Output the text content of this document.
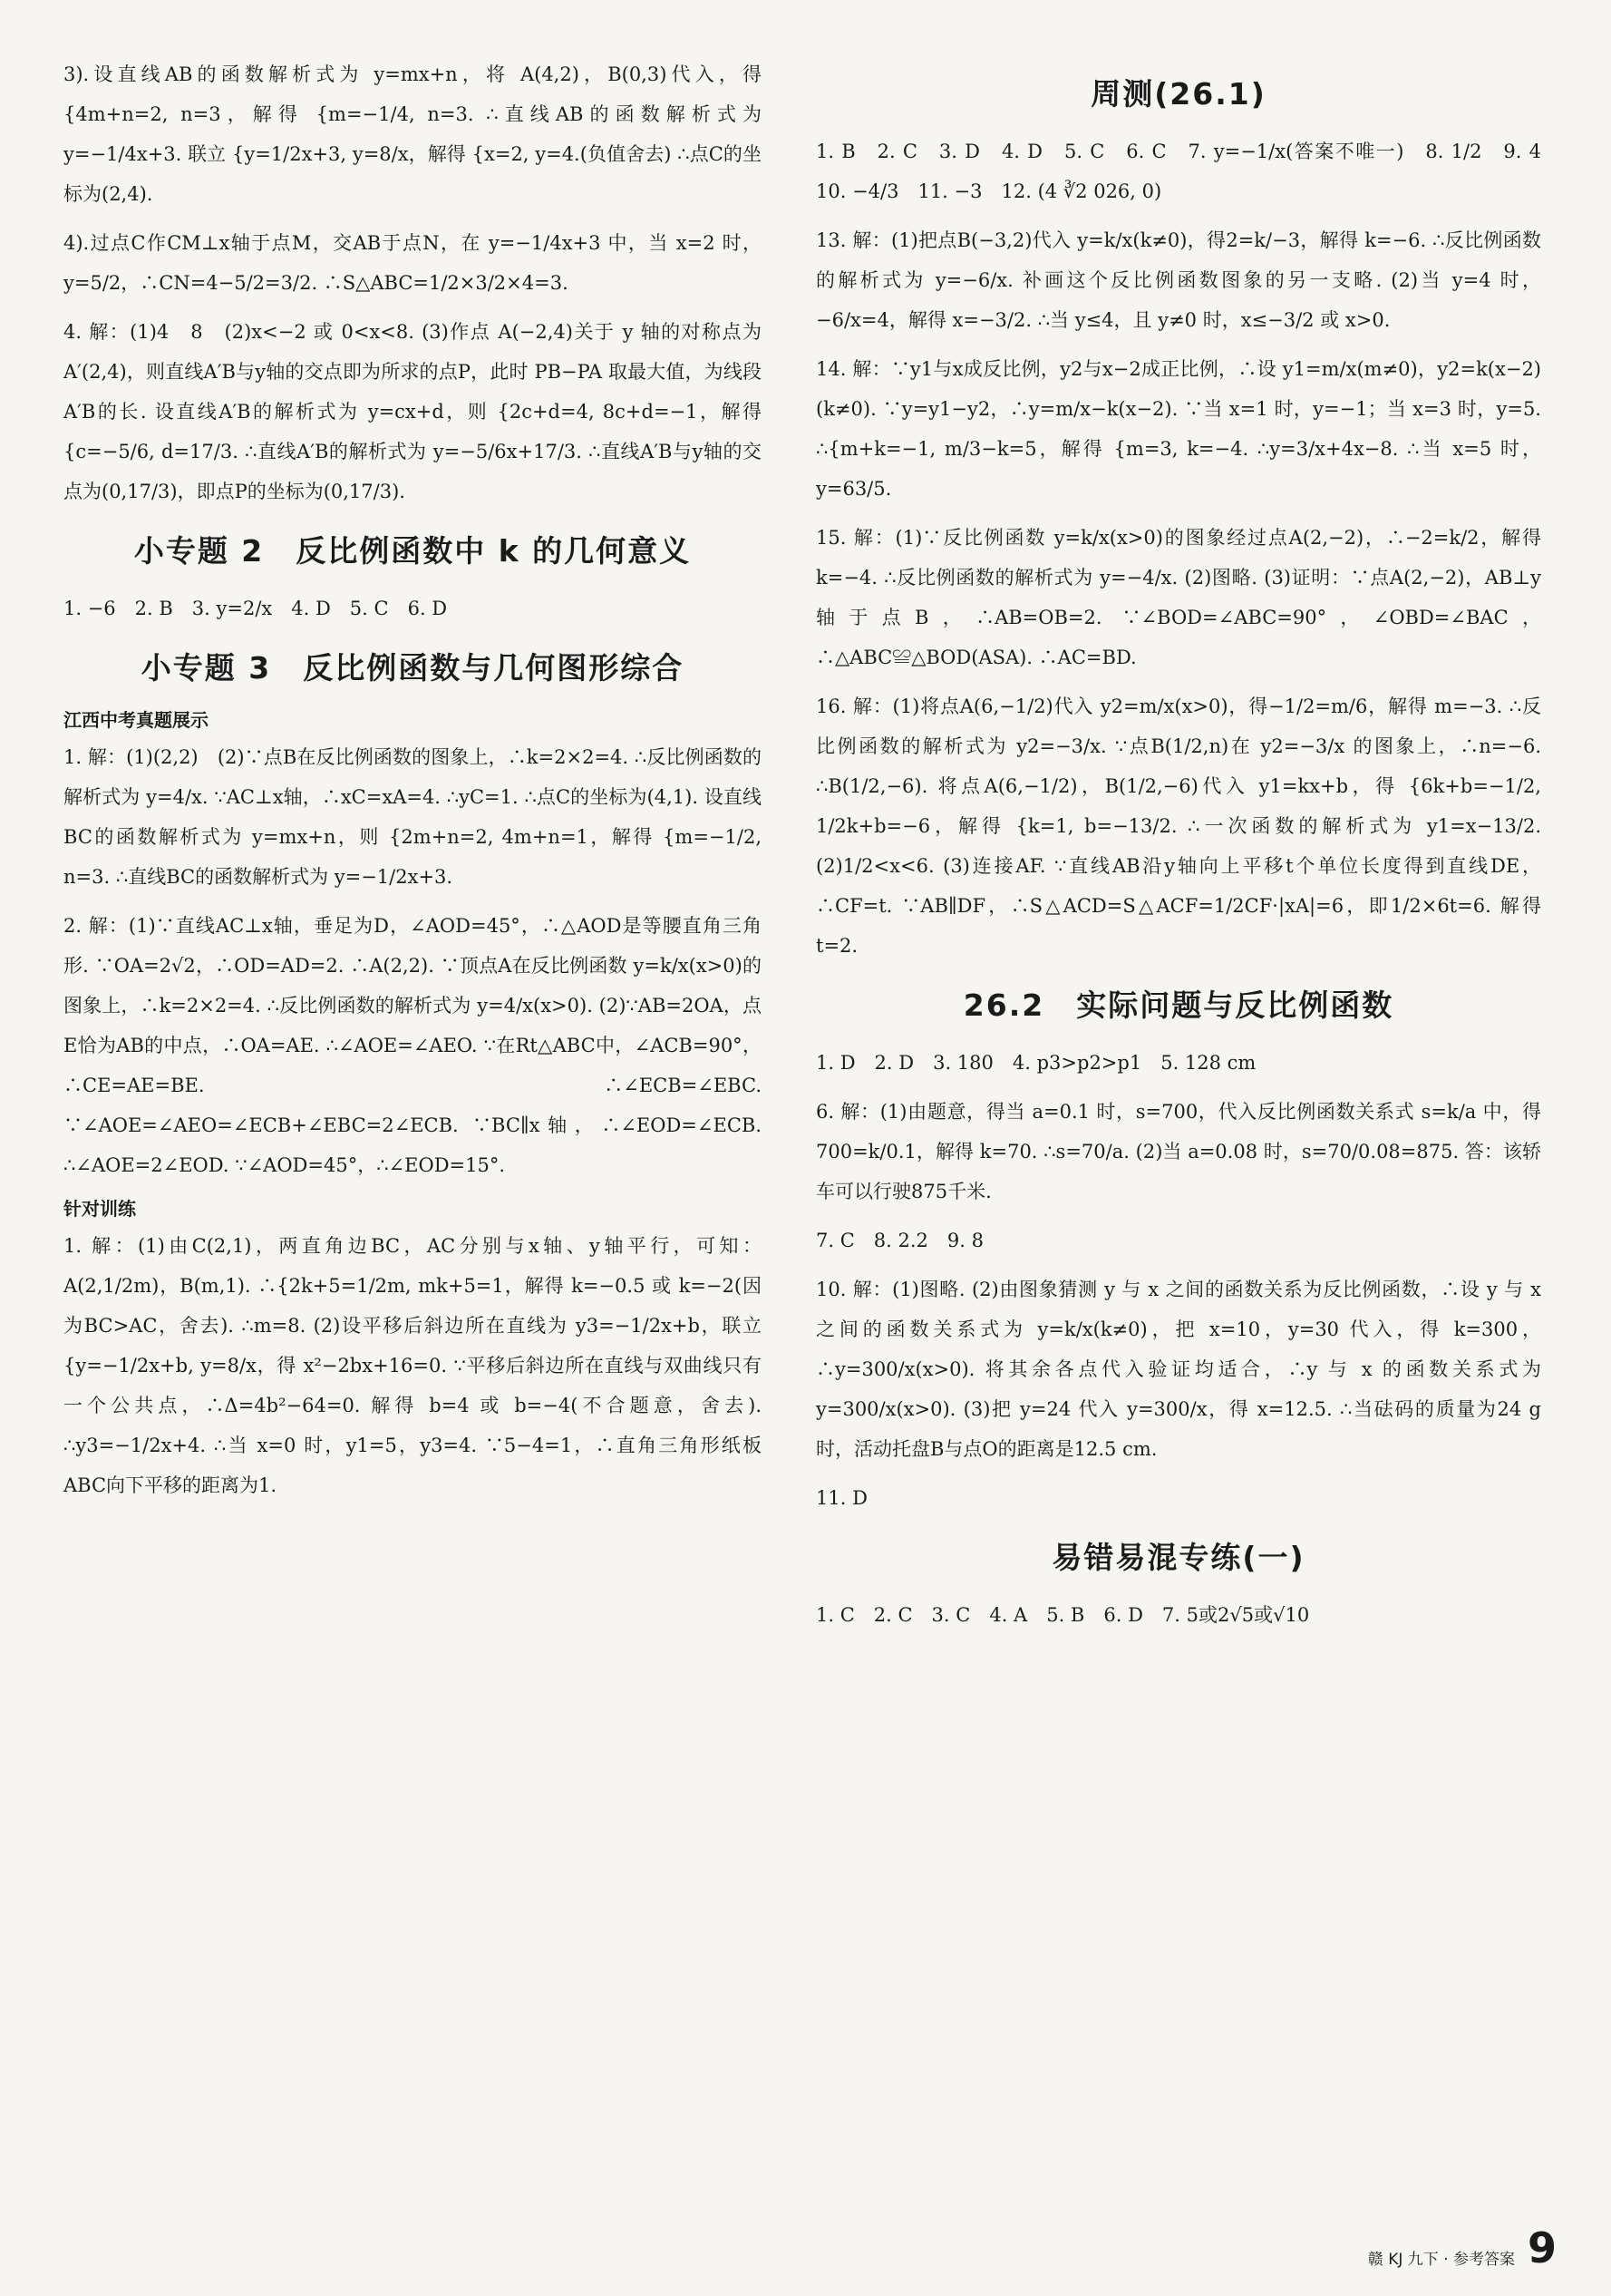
3).设直线AB的函数解析式为 y=mx+n，将 A(4,2)，B(0,3)代入，得 {4m+n=2, n=3，解得 {m=−1/4, n=3. ∴直线AB的函数解析式为 y=−1/4x+3. 联立 {y=1/2x+3, y=8/x，解得 {x=2, y=4.(负值舍去) ∴点C的坐标为(2,4).

4).过点C作CM⊥x轴于点M，交AB于点N，在 y=−1/4x+3 中，当 x=2 时，y=5/2，∴CN=4−5/2=3/2. ∴S△ABC=1/2×3/2×4=3.

4. 解：(1)4　8　(2)x<−2 或 0<x<8. (3)作点 A(−2,4)关于 y 轴的对称点为A′(2,4)，则直线A′B与y轴的交点即为所求的点P，此时 PB−PA 取最大值，为线段A′B的长. 设直线A′B的解析式为 y=cx+d，则 {2c+d=4, 8c+d=−1，解得 {c=−5/6, d=17/3. ∴直线A′B的解析式为 y=−5/6x+17/3. ∴直线A′B与y轴的交点为(0,17/3)，即点P的坐标为(0,17/3).

小专题 2　反比例函数中 k 的几何意义

1. −6　2. B　3. y=2/x　4. D　5. C　6. D

小专题 3　反比例函数与几何图形综合
江西中考真题展示

1. 解：(1)(2,2)　(2)∵点B在反比例函数的图象上，∴k=2×2=4. ∴反比例函数的解析式为 y=4/x. ∵AC⊥x轴，∴xC=xA=4. ∴yC=1. ∴点C的坐标为(4,1). 设直线BC的函数解析式为 y=mx+n，则 {2m+n=2, 4m+n=1，解得 {m=−1/2, n=3. ∴直线BC的函数解析式为 y=−1/2x+3.

2. 解：(1)∵直线AC⊥x轴，垂足为D，∠AOD=45°，∴△AOD是等腰直角三角形. ∵OA=2√2，∴OD=AD=2. ∴A(2,2). ∵顶点A在反比例函数 y=k/x(x>0)的图象上，∴k=2×2=4. ∴反比例函数的解析式为 y=4/x(x>0). (2)∵AB=2OA，点E恰为AB的中点，∴OA=AE. ∴∠AOE=∠AEO. ∵在Rt△ABC中，∠ACB=90°，∴CE=AE=BE. ∴∠ECB=∠EBC. ∵∠AOE=∠AEO=∠ECB+∠EBC=2∠ECB. ∵BC∥x轴，∴∠EOD=∠ECB. ∴∠AOE=2∠EOD. ∵∠AOD=45°，∴∠EOD=15°.

针对训练

1. 解：(1)由C(2,1)，两直角边BC，AC分别与x轴、y轴平行，可知：A(2,1/2m)，B(m,1). ∴{2k+5=1/2m, mk+5=1，解得 k=−0.5 或 k=−2(因为BC>AC，舍去). ∴m=8. (2)设平移后斜边所在直线为 y3=−1/2x+b，联立 {y=−1/2x+b, y=8/x，得 x²−2bx+16=0. ∵平移后斜边所在直线与双曲线只有一个公共点，∴Δ=4b²−64=0. 解得 b=4 或 b=−4(不合题意，舍去). ∴y3=−1/2x+4. ∴当 x=0 时，y1=5，y3=4. ∵5−4=1，∴直角三角形纸板ABC向下平移的距离为1.

周测(26.1)

1. B　2. C　3. D　4. D　5. C　6. C　7. y=−1/x(答案不唯一)　8. 1/2　9. 4　10. −4/3　11. −3　12. (4 ∛2 026, 0)

13. 解：(1)把点B(−3,2)代入 y=k/x(k≠0)，得2=k/−3，解得 k=−6. ∴反比例函数的解析式为 y=−6/x. 补画这个反比例函数图象的另一支略. (2)当 y=4 时，−6/x=4，解得 x=−3/2. ∴当 y≤4，且 y≠0 时，x≤−3/2 或 x>0.

14. 解：∵y1与x成反比例，y2与x−2成正比例，∴设 y1=m/x(m≠0)，y2=k(x−2)(k≠0). ∵y=y1−y2，∴y=m/x−k(x−2). ∵当 x=1 时，y=−1；当 x=3 时，y=5. ∴{m+k=−1, m/3−k=5，解得 {m=3, k=−4. ∴y=3/x+4x−8. ∴当 x=5 时，y=63/5.

15. 解：(1)∵反比例函数 y=k/x(x>0)的图象经过点A(2,−2)，∴−2=k/2，解得 k=−4. ∴反比例函数的解析式为 y=−4/x. (2)图略. (3)证明：∵点A(2,−2)，AB⊥y轴于点B，∴AB=OB=2. ∵∠BOD=∠ABC=90°，∠OBD=∠BAC，∴△ABC≌△BOD(ASA). ∴AC=BD.

16. 解：(1)将点A(6,−1/2)代入 y2=m/x(x>0)，得−1/2=m/6，解得 m=−3. ∴反比例函数的解析式为 y2=−3/x. ∵点B(1/2,n)在 y2=−3/x 的图象上，∴n=−6. ∴B(1/2,−6). 将点A(6,−1/2)，B(1/2,−6)代入 y1=kx+b，得 {6k+b=−1/2, 1/2k+b=−6，解得 {k=1, b=−13/2. ∴一次函数的解析式为 y1=x−13/2. (2)1/2<x<6. (3)连接AF. ∵直线AB沿y轴向上平移t个单位长度得到直线DE，∴CF=t. ∵AB∥DF，∴S△ACD=S△ACF=1/2CF·|xA|=6，即1/2×6t=6. 解得 t=2.

26.2　实际问题与反比例函数

1. D　2. D　3. 180　4. p3>p2>p1　5. 128 cm

6. 解：(1)由题意，得当 a=0.1 时，s=700，代入反比例函数关系式 s=k/a 中，得 700=k/0.1，解得 k=70. ∴s=70/a. (2)当 a=0.08 时，s=70/0.08=875. 答：该轿车可以行驶875千米.

7. C　8. 2.2　9. 8

10. 解：(1)图略. (2)由图象猜测 y 与 x 之间的函数关系为反比例函数，∴设 y 与 x 之间的函数关系式为 y=k/x(k≠0)，把 x=10，y=30 代入，得 k=300，∴y=300/x(x>0). 将其余各点代入验证均适合，∴y 与 x 的函数关系式为 y=300/x(x>0). (3)把 y=24 代入 y=300/x，得 x=12.5. ∴当砝码的质量为24 g时，活动托盘B与点O的距离是12.5 cm.

11. D

易错易混专练(一)

1. C　2. C　3. C　4. A　5. B　6. D　7. 5或2√5或√10

赣 KJ 九下 · 参考答案 9
